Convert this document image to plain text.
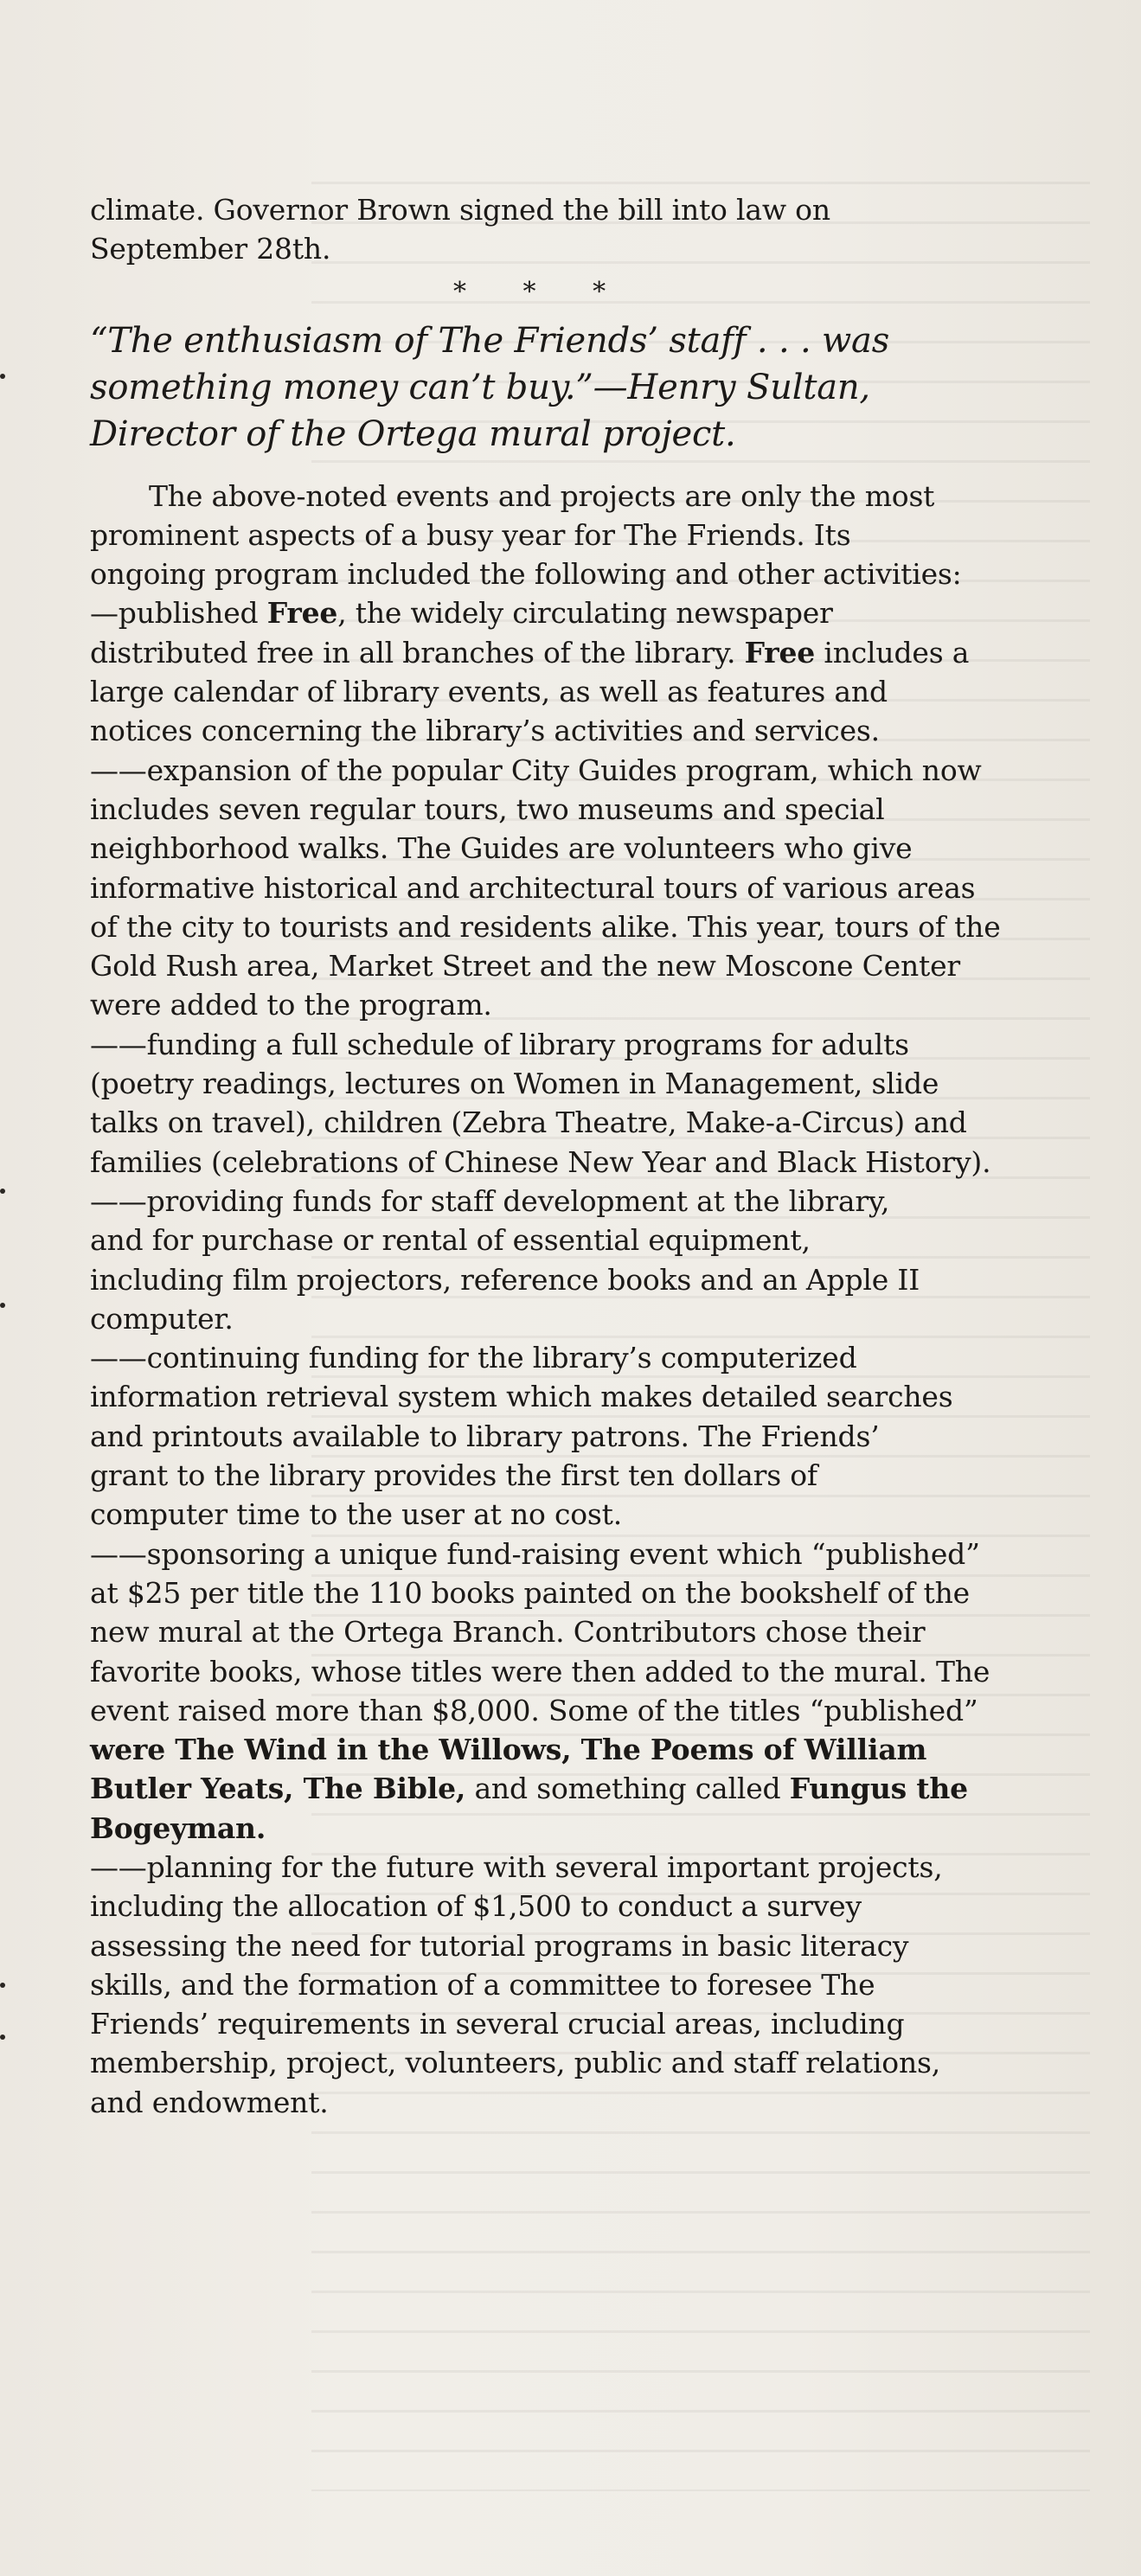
climate. Governor Brown signed the bill into law on September 28th.

* * *

“The enthusiasm of The Friends’ staff . . . was something money can’t buy.”—Henry Sultan, Director of the Ortega mural project.

The above-noted events and projects are only the most prominent aspects of a busy year for The Friends. Its ongoing program included the following and other activities:

—published Free, the widely circulating newspaper distributed free in all branches of the library. Free includes a large calendar of library events, as well as features and notices concerning the library’s activities and services.

——expansion of the popular City Guides program, which now includes seven regular tours, two museums and special neighborhood walks. The Guides are volunteers who give informative historical and architectural tours of various areas of the city to tourists and residents alike. This year, tours of the Gold Rush area, Market Street and the new Moscone Center were added to the program.

——funding a full schedule of library programs for adults (poetry readings, lectures on Women in Management, slide talks on travel), children (Zebra Theatre, Make-a-Circus) and families (celebrations of Chinese New Year and Black History).

——providing funds for staff development at the library, and for purchase or rental of essential equipment, including film projectors, reference books and an Apple II computer.

——continuing funding for the library’s computerized information retrieval system which makes detailed searches and printouts available to library patrons. The Friends’ grant to the library provides the first ten dollars of computer time to the user at no cost.

——sponsoring a unique fund-raising event which “published” at $25 per title the 110 books painted on the bookshelf of the new mural at the Ortega Branch. Contributors chose their favorite books, whose titles were then added to the mural. The event raised more than $8,000. Some of the titles “published” were The Wind in the Willows, The Poems of William Butler Yeats, The Bible, and something called Fungus the Bogeyman.

——planning for the future with several important projects, including the allocation of $1,500 to conduct a survey assessing the need for tutorial programs in basic literacy skills, and the formation of a committee to foresee The Friends’ requirements in several crucial areas, including membership, project, volunteers, public and staff relations, and endowment.
